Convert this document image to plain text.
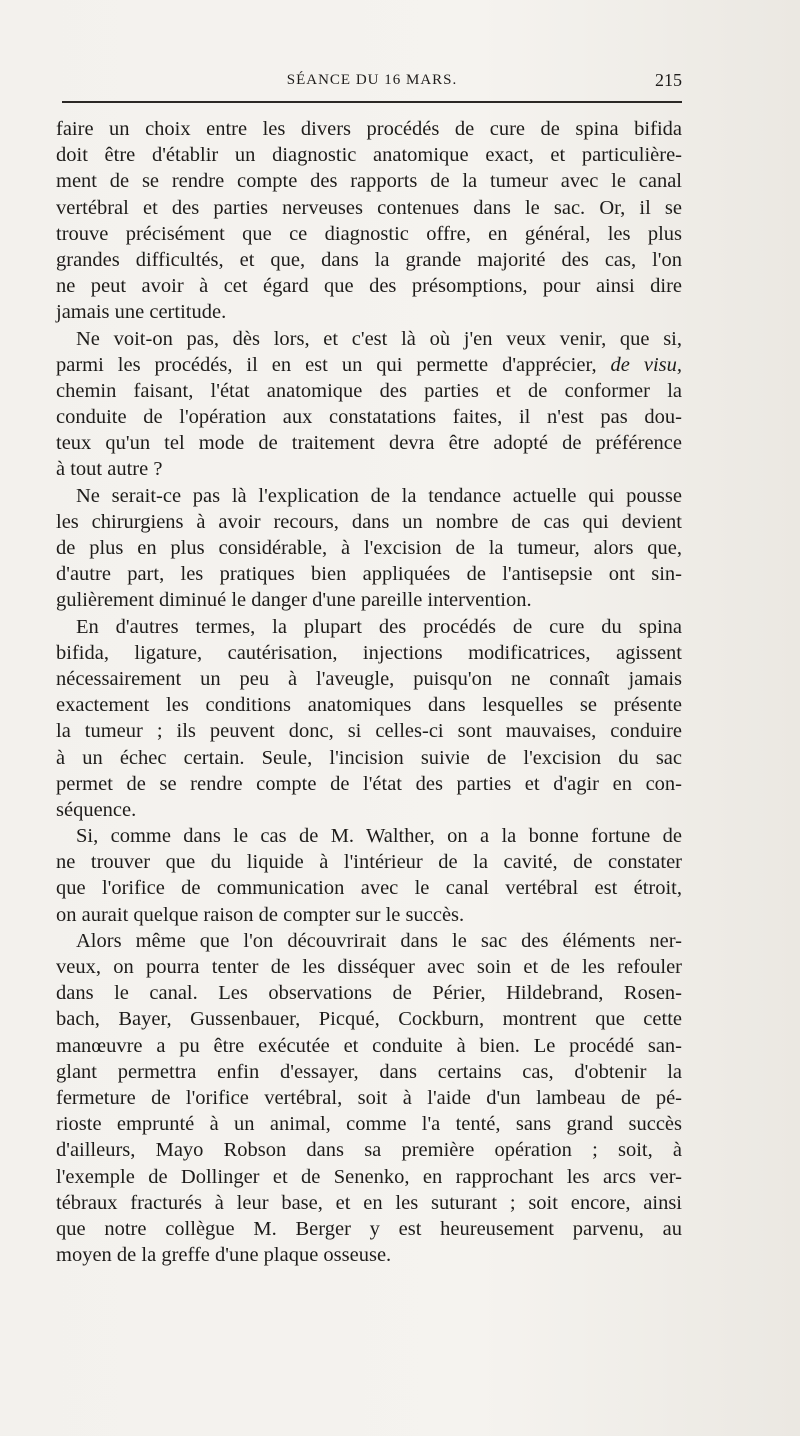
SÉANCE DU 16 MARS.	215
faire un choix entre les divers procédés de cure de spina bifida
doit être d'établir un diagnostic anatomique exact, et particulière-
ment de se rendre compte des rapports de la tumeur avec le canal
vertébral et des parties nerveuses contenues dans le sac. Or, il se
trouve précisément que ce diagnostic offre, en général, les plus
grandes difficultés, et que, dans la grande majorité des cas, l'on
ne peut avoir à cet égard que des présomptions, pour ainsi dire
jamais une certitude.
Ne voit-on pas, dès lors, et c'est là où j'en veux venir, que si,
parmi les procédés, il en est un qui permette d'apprécier, de visu,
chemin faisant, l'état anatomique des parties et de conformer la
conduite de l'opération aux constatations faites, il n'est pas dou-
teux qu'un tel mode de traitement devra être adopté de préférence
à tout autre ?
Ne serait-ce pas là l'explication de la tendance actuelle qui pousse
les chirurgiens à avoir recours, dans un nombre de cas qui devient
de plus en plus considérable, à l'excision de la tumeur, alors que,
d'autre part, les pratiques bien appliquées de l'antisepsie ont sin-
gulièrement diminué le danger d'une pareille intervention.
En d'autres termes, la plupart des procédés de cure du spina
bifida, ligature, cautérisation, injections modificatrices, agissent
nécessairement un peu à l'aveugle, puisqu'on ne connaît jamais
exactement les conditions anatomiques dans lesquelles se présente
la tumeur ; ils peuvent donc, si celles-ci sont mauvaises, conduire
à un échec certain. Seule, l'incision suivie de l'excision du sac
permet de se rendre compte de l'état des parties et d'agir en con-
séquence.
Si, comme dans le cas de M. Walther, on a la bonne fortune de
ne trouver que du liquide à l'intérieur de la cavité, de constater
que l'orifice de communication avec le canal vertébral est étroit,
on aurait quelque raison de compter sur le succès.
Alors même que l'on découvrirait dans le sac des éléments ner-
veux, on pourra tenter de les disséquer avec soin et de les refouler
dans le canal. Les observations de Périer, Hildebrand, Rosen-
bach, Bayer, Gussenbauer, Picqué, Cockburn, montrent que cette
manœuvre a pu être exécutée et conduite à bien. Le procédé san-
glant permettra enfin d'essayer, dans certains cas, d'obtenir la
fermeture de l'orifice vertébral, soit à l'aide d'un lambeau de pé-
rioste emprunté à un animal, comme l'a tenté, sans grand succès
d'ailleurs, Mayo Robson dans sa première opération ; soit, à
l'exemple de Dollinger et de Senenko, en rapprochant les arcs ver-
tébraux fracturés à leur base, et en les suturant ; soit encore, ainsi
que notre collègue M. Berger y est heureusement parvenu, au
moyen de la greffe d'une plaque osseuse.
